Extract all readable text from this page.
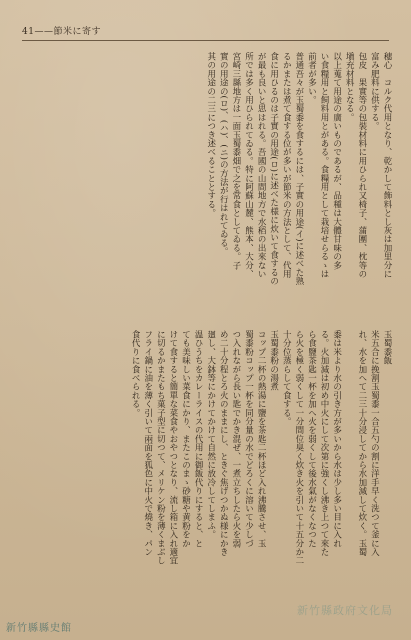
41——節米に寄す
穗心　コルク代用となり、乾かして飾料とし灰は加里分に
富み肥料に供する。
包皮　果實等の包裝材料に用ひられ又椅子、蒲團、枕等の
塡充材料となる。
以上蒐て用途の廣いものであるが、品種は大體甘味の多
い食糧用と飼料用とがある。食糧用として栽培せらるゝは
前者が多い。
普通吾々が玉蜀黍を食するには、子實の用途(イ)に述べた熟
るかまたは煮て食する位が多いが節米の方法として、代用
食に用ひるのは子實の用途(ロ)に述べた様に炊いて食するの
が最も良いと思はれる。吾國の山間地方で水稻の出來ない
所では多く用ひられてゐる。特に阿蘇山麓、熊本、大分、
宮崎三縣地方は一面玉蜀黍畑で之を常食としてゐる。子
實の用途の(ロ)、(ハ)、(ニ)の方法が行はれてゐる。
其の用途の二三につき述べることとする。
玉蜀黍飯
米五合に挽割玉蜀黍一合五勺の割に洋手早く洗つて釜に入
れ、水を加へて二三十分浸してから水加減して炊く。玉蜀

黍は米より水の引き方が多いから水は少し多い目に入れ
る。火加減は初め中火にして次第に強くし沸き上つて來た
ら食鹽茶匙一杯を加へ火を弱くして後水氣がなくなつた
ら火を極く弱くして一分間位臭く炊き火を引いて十五分か二
十分位蒸らして食する。
玉蜀黍粉の湯煮
コップ二杯の熱湯に鹽を茶匙二杯ほど入れ沸騰させ、玉
蜀黍粉コップ一杯を同分量の水でどろくに溶いて少しづ
つ入れながら長い匙でかき混ぜ、一煮立ちしたら火を弱
め二十分程とろ火のままにし、ときぐ焦げつかぬ様にかき
廻し、大鉢等にかけてかけて自然に放冷してしまふ。
温ひうちをカレーライスの代用に御飯代りにすると、と
ても美味しい菜食にかり、またこのまゝ砂糖や黄粉をか
けて食すると簡單な菜食やおやつとなり、流し箱に入れ適宜
に切るかまたもち菓子型に切つて、メリケン粉を薄くまぶし
フライ鍋に油を薄く引いて兩面を狐色に中火で燒き、パン
食代りに食べられる。
新竹縣政府文化局
新竹縣縣史館
